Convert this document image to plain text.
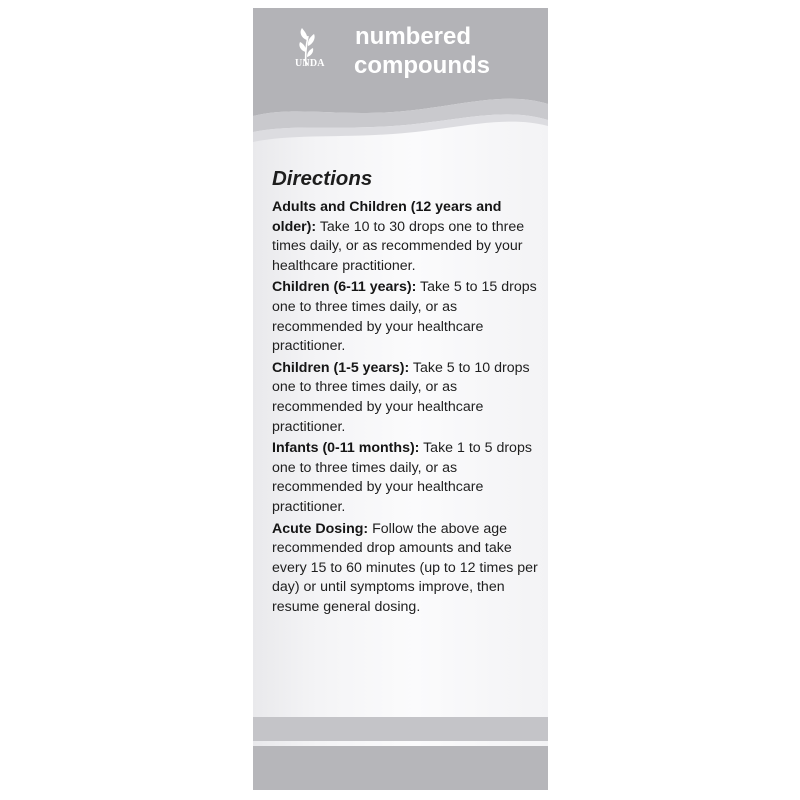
UNDA
numbered
compounds
Directions

Adults and Children (12 years and older): Take 10 to 30 drops one to three times daily, or as recommended by your healthcare practitioner.

Children (6-11 years): Take 5 to 15 drops one to three times daily, or as recommended by your healthcare practitioner.

Children (1-5 years): Take 5 to 10 drops one to three times daily, or as recommended by your healthcare practitioner.

Infants (0-11 months): Take 1 to 5 drops one to three times daily, or as recommended by your healthcare practitioner.

Acute Dosing: Follow the above age recommended drop amounts and take every 15 to 60 minutes (up to 12 times per day) or until symptoms improve, then resume general dosing.
